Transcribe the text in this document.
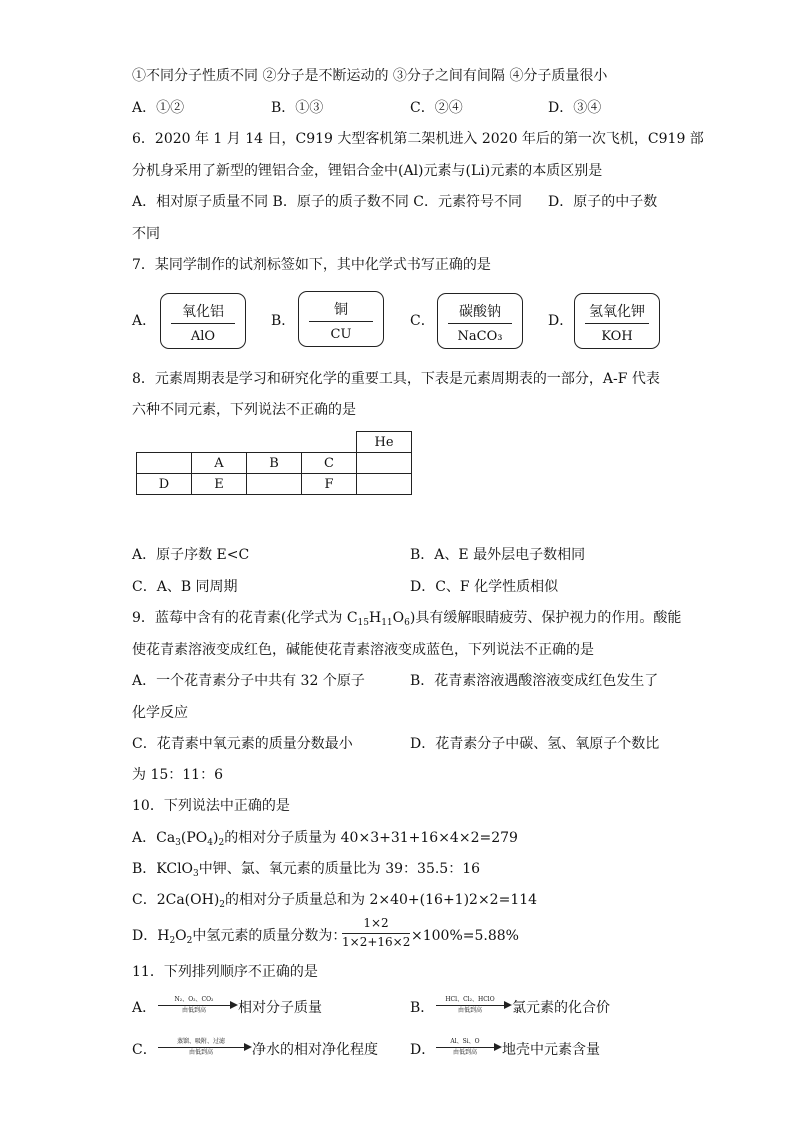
①不同分子性质不同 ②分子是不断运动的 ③分子之间有间隔 ④分子质量很小
A．①②	B．①③	C．②④	D．③④
6．2020 年 1 月 14 日，C919 大型客机第二架机进入 2020 年后的第一次飞机，C919 部
分机身采用了新型的锂铝合金，锂铝合金中(Al)元素与(Li)元素的本质区别是
A．相对原子质量不同 B．原子的质子数不同 C．元素符号不同 D．原子的中子数
不同
7．某同学制作的试剂标签如下，其中化学式书写正确的是
A．
氧化铝
AlO
B．
铜
CU
C．
碳酸钠
NaCO₃
D．
氢氧化钾
KOH
8．元素周期表是学习和研究化学的重要工具，下表是元素周期表的一部分，A-F 代表
六种不同元素，下列说法不正确的是
				He
	A	B	C	
D	E		F	
A．原子序数 E<C	B．A、E 最外层电子数相同
C．A、B 同周期	D．C、F 化学性质相似
9．蓝莓中含有的花青素(化学式为 $C_{15}H_{11}O_6$)具有缓解眼睛疲劳、保护视力的作用。酸能
使花青素溶液变成红色，碱能使花青素溶液变成蓝色，下列说法不正确的是
A．一个花青素分子中共有 32 个原子	B．花青素溶液遇酸溶液变成红色发生了
化学反应
C．花青素中氧元素的质量分数最小	D．花青素分子中碳、氢、氧原子个数比
为 15：11：6
10．下列说法中正确的是
A．$Ca_3(PO_4)_2$的相对分子质量为 40×3+31+16×4×2=279
B．KClO$_3$中钾、氯、氧元素的质量比为 39：35.5：16
C．$2Ca(OH)_2$的相对分子质量总和为 2×40+(16+1)2×2=114
D．$H_2O_2$中氢元素的质量分数为：
1×2
1×2+16×2 ×100%=5.88%
11．下列排列顺序不正确的是
A．
N₂、O₂、CO₂
由低到高	相对分子质量	B．
HCl、Cl₂、HClO
由低到高	氯元素的化合价
C．
蒸馏、吸附、过滤
由低到高	净水的相对净化程度 D．
Al、Si、O
由低到高	地壳中元素含量
